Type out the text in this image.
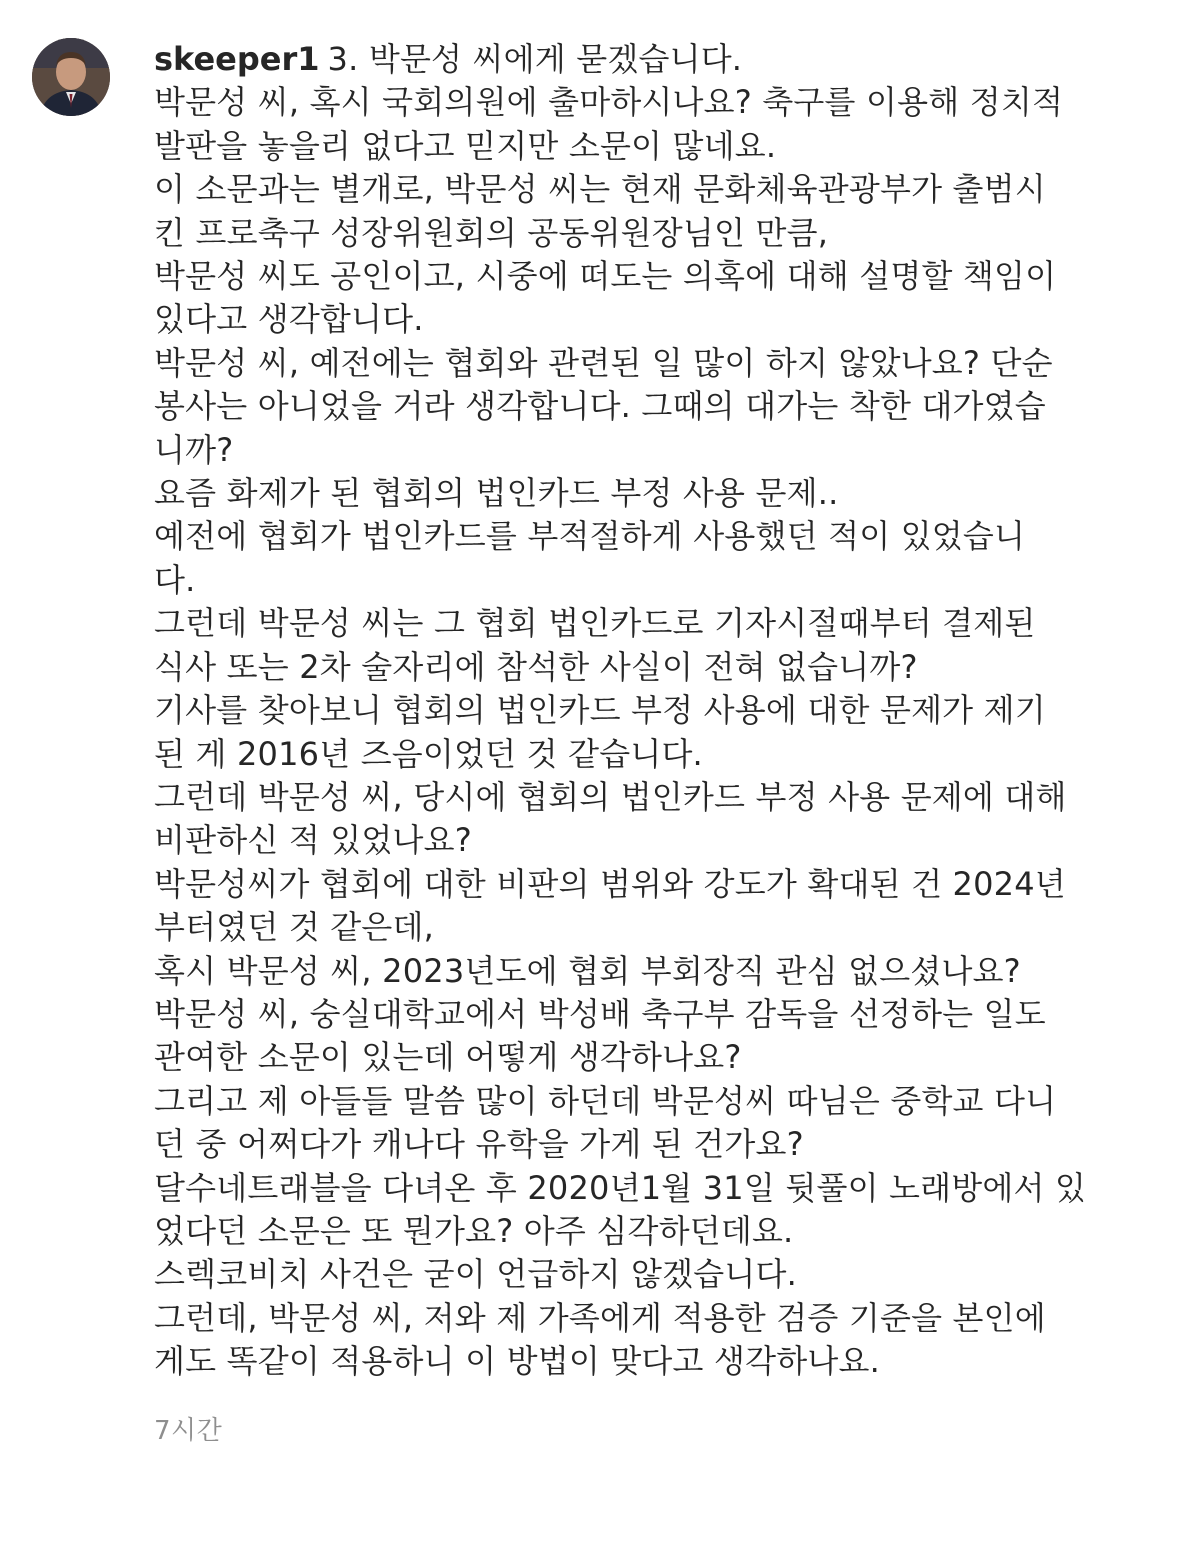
skeeper1 3. 박문성 씨에게 묻겠습니다.
박문성 씨, 혹시 국회의원에 출마하시나요? 축구를 이용해 정치적
발판을 놓을리 없다고 믿지만 소문이 많네요.
이 소문과는 별개로, 박문성 씨는 현재 문화체육관광부가 출범시
킨 프로축구 성장위원회의 공동위원장님인 만큼,
박문성 씨도 공인이고, 시중에 떠도는 의혹에 대해 설명할 책임이
있다고 생각합니다.
박문성 씨, 예전에는 협회와 관련된 일 많이 하지 않았나요? 단순
봉사는 아니었을 거라 생각합니다. 그때의 대가는 착한 대가였습
니까?
요즘 화제가 된 협회의 법인카드 부정 사용 문제..
예전에 협회가 법인카드를 부적절하게 사용했던 적이 있었습니
다.
그런데 박문성 씨는 그 협회 법인카드로 기자시절때부터 결제된
식사 또는 2차 술자리에 참석한 사실이 전혀 없습니까?
기사를 찾아보니 협회의 법인카드 부정 사용에 대한 문제가 제기
된 게 2016년 즈음이었던 것 같습니다.
그런데 박문성 씨, 당시에 협회의 법인카드 부정 사용 문제에 대해
비판하신 적 있었나요?
박문성씨가 협회에 대한 비판의 범위와 강도가 확대된 건 2024년
부터였던 것 같은데,
혹시 박문성 씨, 2023년도에 협회 부회장직 관심 없으셨나요?
박문성 씨, 숭실대학교에서 박성배 축구부 감독을 선정하는 일도
관여한 소문이 있는데 어떻게 생각하나요?
그리고 제 아들들 말씀 많이 하던데 박문성씨 따님은 중학교 다니
던 중 어쩌다가 캐나다 유학을 가게 된 건가요?
달수네트래블을 다녀온 후 2020년1월 31일 뒷풀이 노래방에서 있
었다던 소문은 또 뭔가요? 아주 심각하던데요.
스렉코비치 사건은 굳이 언급하지 않겠습니다.
그런데, 박문성 씨, 저와 제 가족에게 적용한 검증 기준을 본인에
게도 똑같이 적용하니 이 방법이 맞다고 생각하나요.
7시간
